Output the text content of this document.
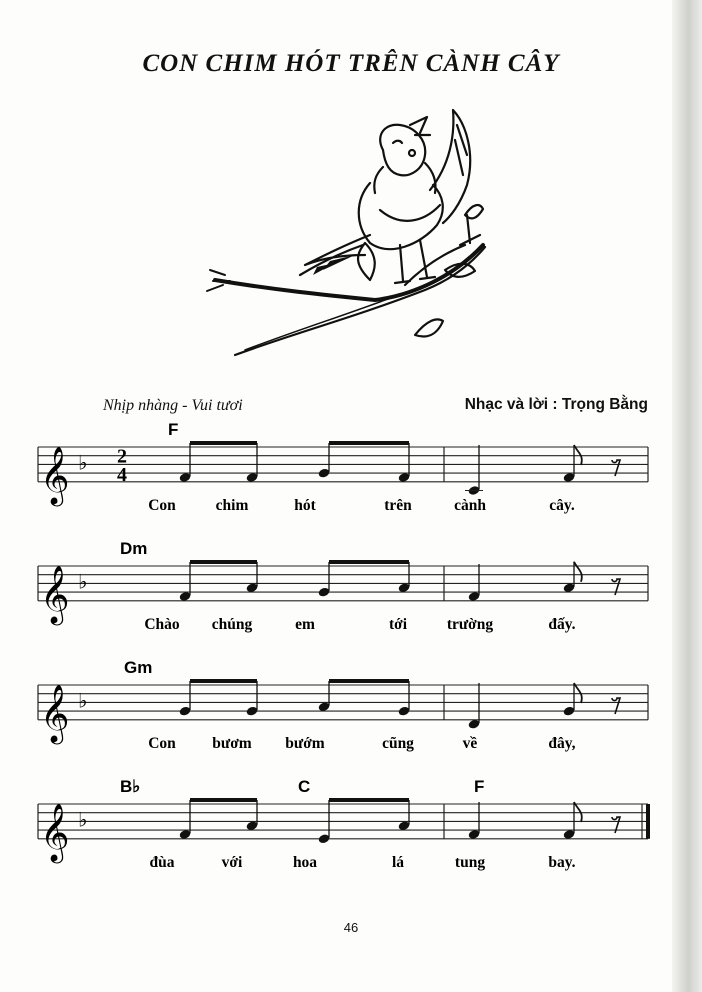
CON CHIM HÓT TRÊN CÀNH CÂY
Nhịp nhàng - Vui tươi	Nhạc và lời : Trọng Bằng
𝄞 ♭ 2
4
F
Con	chim	hót	trên	cành	cây.
𝄞 ♭
Dm
Chào chúng	em	tới	trường	đấy.
𝄞 ♭
Gm
Con bươm bướm	cũng	về	đây,
𝄞 ♭
B♭	C	F
đùa	với	hoa	lá	tung	bay.
46
